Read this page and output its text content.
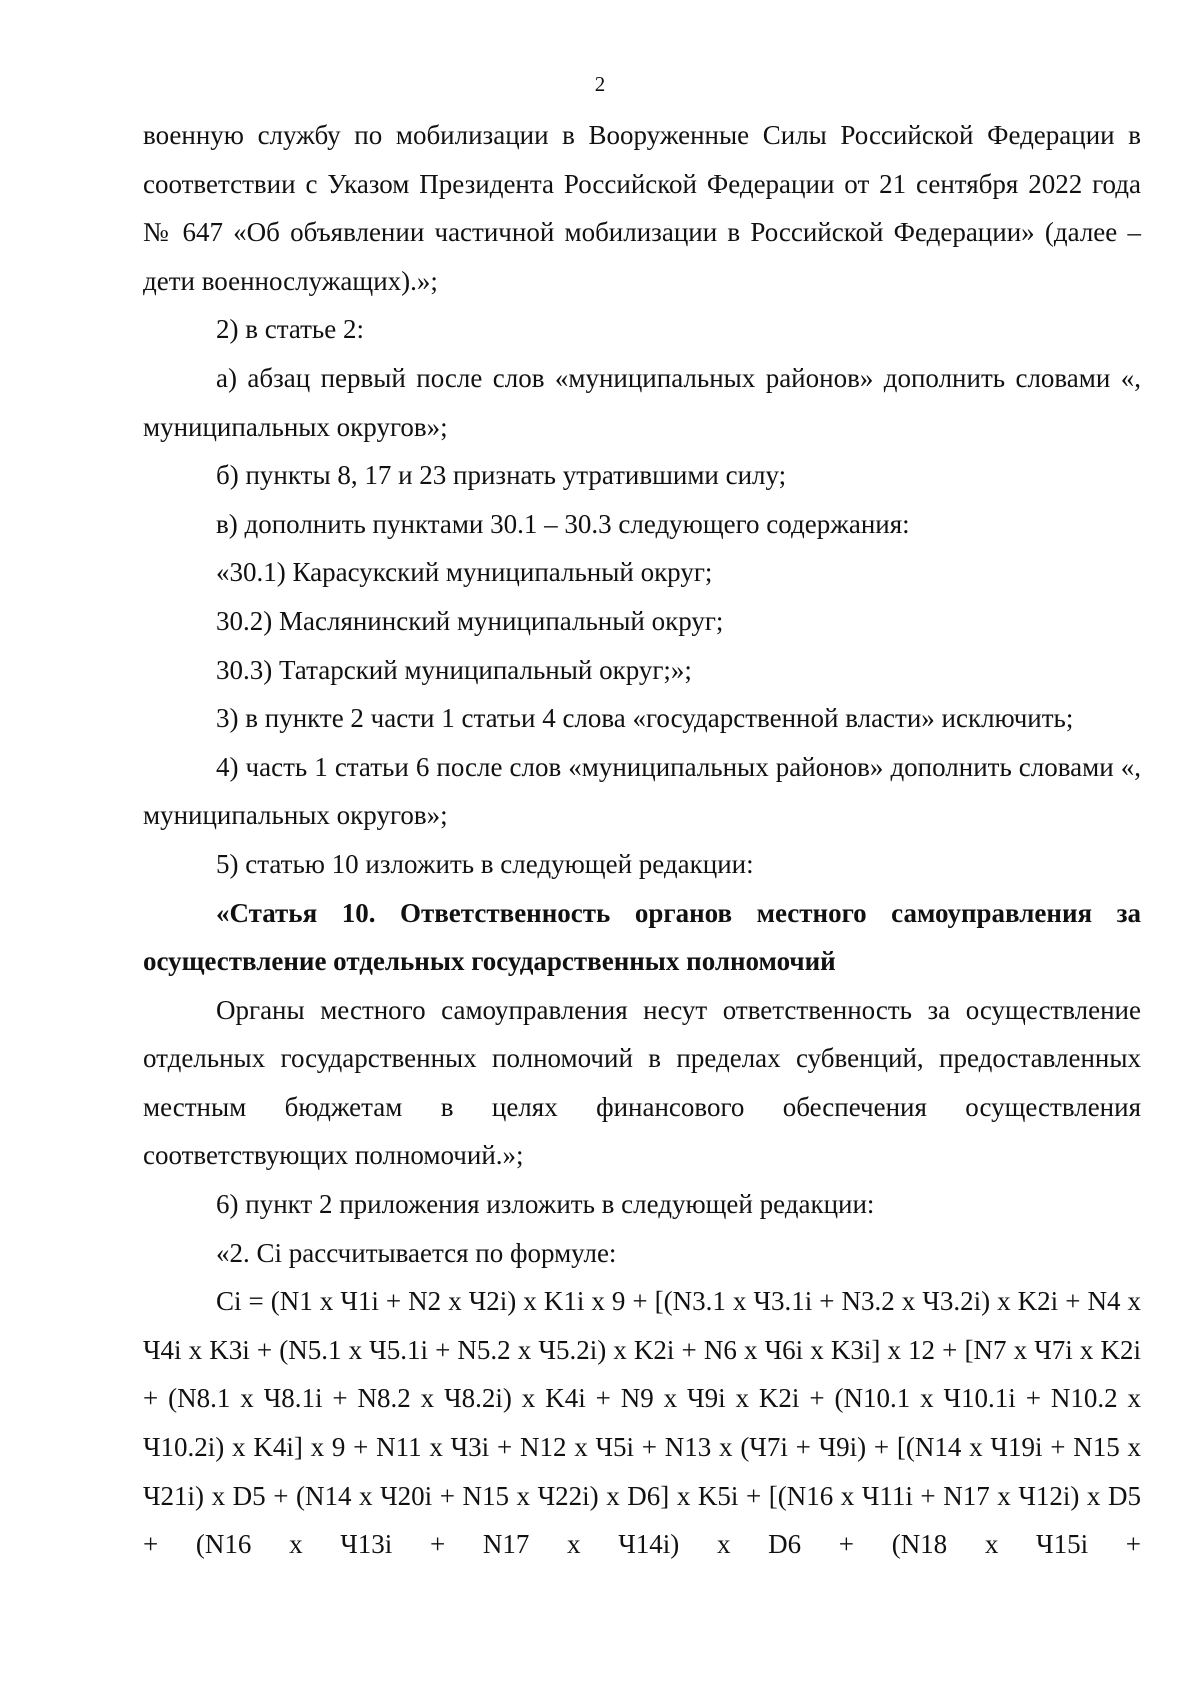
2

военную службу по мобилизации в Вооруженные Силы Российской Федерации в соответствии с Указом Президента Российской Федерации от 21 сентября 2022 года № 647 «Об объявлении частичной мобилизации в Российской Федерации» (далее – дети военнослужащих).»;

2) в статье 2:

а) абзац первый после слов «муниципальных районов» дополнить словами «, муниципальных округов»;

б) пункты 8, 17 и 23 признать утратившими силу;

в) дополнить пунктами 30.1 – 30.3 следующего содержания:

«30.1) Карасукский муниципальный округ;

30.2) Маслянинский муниципальный округ;

30.3) Татарский муниципальный округ;»;

3) в пункте 2 части 1 статьи 4 слова «государственной власти» исключить;

4) часть 1 статьи 6 после слов «муниципальных районов» дополнить словами «, муниципальных округов»;

5) статью 10 изложить в следующей редакции:

«Статья 10. Ответственность органов местного самоуправления за осуществление отдельных государственных полномочий

Органы местного самоуправления несут ответственность за осуществление отдельных государственных полномочий в пределах субвенций, предоставленных местным бюджетам в целях финансового обеспечения осуществления соответствующих полномочий.»;

6) пункт 2 приложения изложить в следующей редакции:

«2. Ci рассчитывается по формуле:

Ci = (N1 x Ч1i + N2 x Ч2i) x K1i x 9 + [(N3.1 x Ч3.1i + N3.2 x Ч3.2i) x K2i + N4 x Ч4i x K3i + (N5.1 x Ч5.1i + N5.2 x Ч5.2i) x K2i + N6 x Ч6i x K3i] x 12 + [N7 x Ч7i x K2i + (N8.1 x Ч8.1i + N8.2 x Ч8.2i) x K4i + N9 x Ч9i x K2i + (N10.1 x Ч10.1i + N10.2 x Ч10.2i) x K4i] x 9 + N11 x Ч3i + N12 x Ч5i + N13 x (Ч7i + Ч9i) + [(N14 x Ч19i + N15 x Ч21i) x D5 + (N14 x Ч20i + N15 x Ч22i) x D6] x K5i + [(N16 x Ч11i + N17 x Ч12i) x D5 + (N16 x Ч13i + N17 x Ч14i) x D6 + (N18 x Ч15i +
